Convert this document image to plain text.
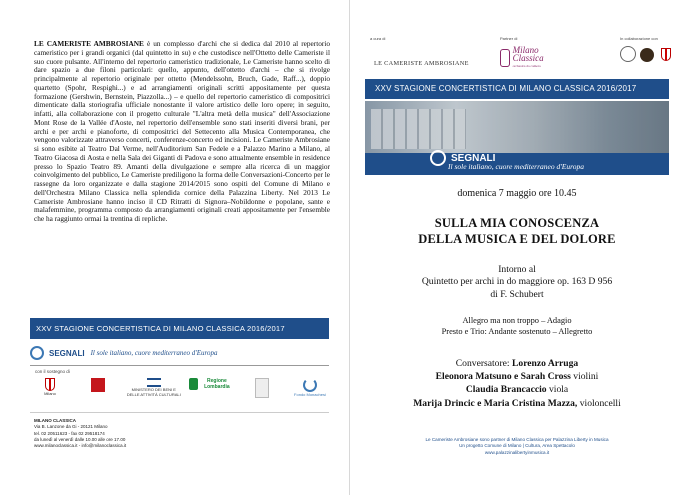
LE CAMERISTE AMBROSIANE è un complesso d'archi che si dedica dal 2010 al repertorio cameristico per i grandi organici (dal quintetto in su) e che custodisce nell'Ottetto delle Cameriste il suo cuore pulsante. All'interno del repertorio cameristico tradizionale, Le Cameriste hanno scelto di dare spazio a due filoni particolari: quello, appunto, dell'ottetto d'archi – che si rivolge principalmente al repertorio originale per ottetto (Mendelssohn, Bruch, Gade, Raff...), doppio quartetto (Spohr, Respighi...) e ad arrangiamenti originali scritti appositamente per questa formazione (Gershwin, Bernstein, Piazzolla...) – e quello del repertorio cameristico di compositrici dimenticate dalla storiografia ufficiale nonostante il valore artistico delle loro opere; in seguito, infatti, alla collaborazione con il progetto culturale "L'altra metà della musica" dell'Associazione Mont Rose de la Vallée d'Aoste, nel repertorio dell'ensemble sono stati inseriti diversi brani, per archi e per archi e pianoforte, di compositrici del Settecento alla Musica Contemporanea, che vengono valorizzate attraverso concerti, conferenze-concerto ed incisioni. Le Cameriste Ambrosiane si sono esibite al Teatro Dal Verme, nell'Auditorium San Fedele e a Palazzo Marino a Milano, al Teatro Giacosa di Aosta e nella Sala dei Giganti di Padova e sono attualmente ensemble in residence presso lo Spazio Teatro 89. Amanti della divulgazione e sempre alla ricerca di un maggior coinvolgimento del pubblico, Le Cameriste prediligono la forma delle Conversazioni-Concerto per le rassegne da loro organizzate e dalla stagione 2014/2015 sono ospiti del Comune di Milano e dell'Orchestra Milano Classica nella splendida cornice della Palazzina Liberty. Nel 2013 Le Cameriste Ambrosiane hanno inciso il CD Ritratti di Signora–Nobildonne e popolane, sante e malafemmine, programma composto da arrangiamenti originali creati appositamente per l'ensemble che ha raggiunto ormai la trentina di repliche.
XXV STAGIONE CONCERTISTICA DI MILANO CLASSICA 2016/2017
SEGNALI Il sole italiano, cuore mediterraneo d'Europa
con il sostegno di
Milano
MINISTERO DEI BENI E DELLE ATTIVITÀ CULTURALI
Regione Lombardia
Fondo Monachesi
MILANO CLASSICA
Via B. Lanzone da Gi - 20121 Milano
tel. 02 20511623 - fax 02 29518174
da lunedì al venerdì dalle 10.00 alle ore 17.00
www.milanoclassica.it - info@milanoclassica.it
a cura di	Partner di	In collaborazione con
LE CAMERISTE AMBROSIANE
Milano Classica
orchestra da camera
XXV STAGIONE CONCERTISTICA DI MILANO CLASSICA 2016/2017
SEGNALI
Il sole italiano, cuore mediterraneo d'Europa
domenica 7 maggio ore 10.45
SULLA MIA CONOSCENZA
DELLA MUSICA E DEL DOLORE
Intorno al
Quintetto per archi in do maggiore op. 163 D 956
di F. Schubert
Allegro ma non troppo – Adagio
Presto e Trio: Andante sostenuto – Allegretto
Conversatore: Lorenzo Arruga
Eleonora Matsuno e Sarah Cross violini
Claudia Brancaccio viola
Marija Drincic e Maria Cristina Mazza, violoncelli
Le Cameriste Ambrosiane sono partner di Milano Classica per Palazzina Liberty in Musica
Un progetto Comune di Milano | Cultura, Area Spettacolo
www.palazzinalibertyinmusica.it
